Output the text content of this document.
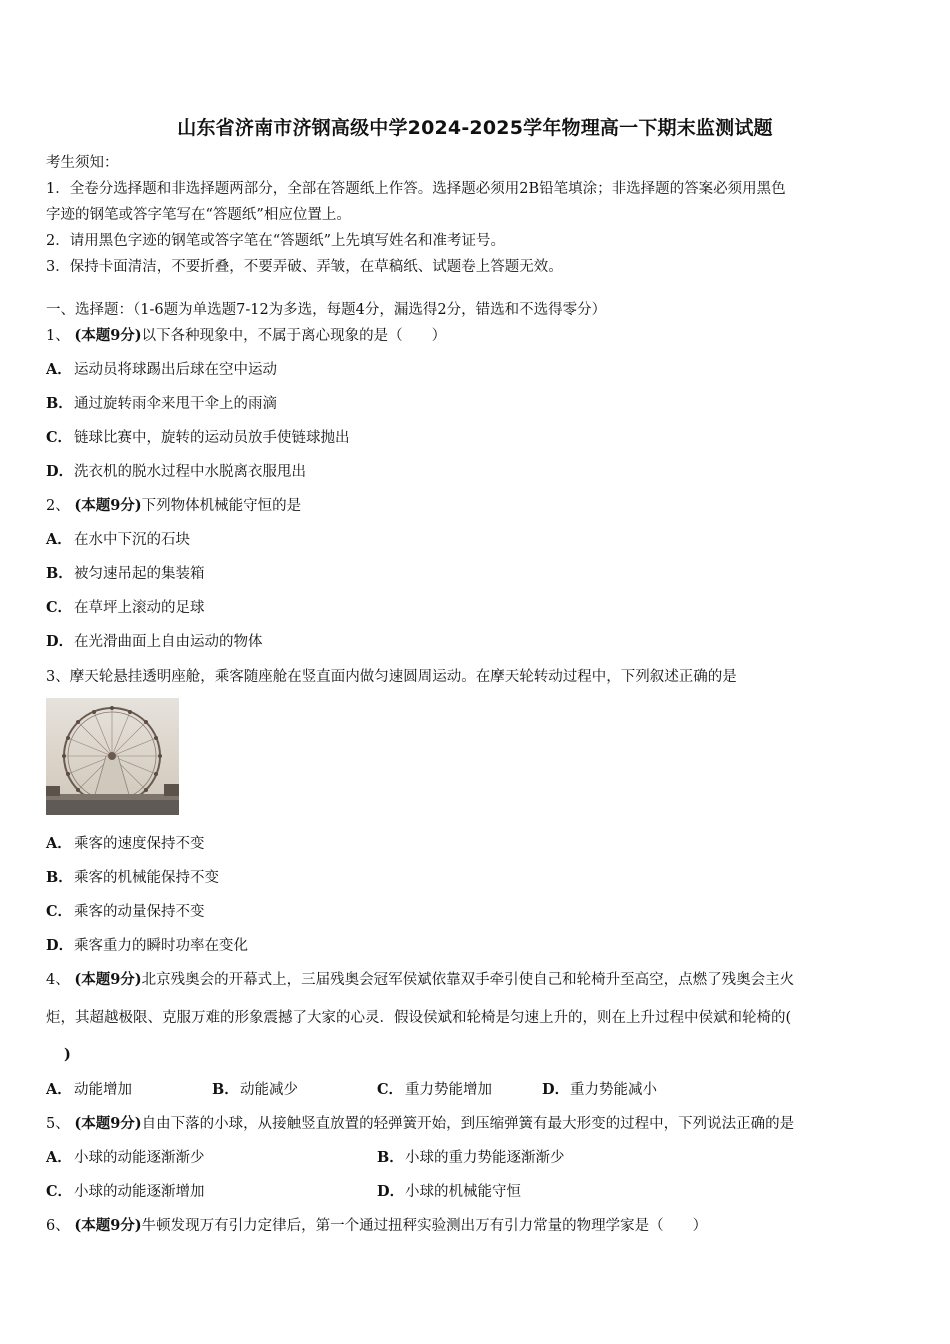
山东省济南市济钢高级中学2024-2025学年物理高一下期末监测试题
考生须知：
1．全卷分选择题和非选择题两部分，全部在答题纸上作答。选择题必须用2B铅笔填涂；非选择题的答案必须用黑色
字迹的钢笔或答字笔写在“答题纸”相应位置上。
2．请用黑色字迹的钢笔或答字笔在“答题纸”上先填写姓名和准考证号。
3．保持卡面清洁，不要折叠，不要弄破、弄皱，在草稿纸、试题卷上答题无效。
一、选择题：（1-6题为单选题7-12为多选，每题4分，漏选得2分，错选和不选得零分）
1、 (本题9分)以下各种现象中，不属于离心现象的是（　　）
A． 运动员将球踢出后球在空中运动
B．通过旋转雨伞来甩干伞上的雨滴
C． 链球比赛中，旋转的运动员放手使链球抛出
D．洗衣机的脱水过程中水脱离衣服甩出
2、 (本题9分)下列物体机械能守恒的是
A． 在水中下沉的石块
B．被匀速吊起的集装箱
C． 在草坪上滚动的足球
D．在光滑曲面上自由运动的物体
3、摩天轮悬挂透明座舱，乘客随座舱在竖直面内做匀速圆周运动。在摩天轮转动过程中，下列叙述正确的是
A． 乘客的速度保持不变
B．乘客的机械能保持不变
C． 乘客的动量保持不变
D．乘客重力的瞬时功率在变化
4、 (本题9分)北京残奥会的开幕式上，三届残奥会冠军侯斌依靠双手牵引使自己和轮椅升至高空，点燃了残奥会主火
炬，其超越极限、克服万难的形象震撼了大家的心灵．假设侯斌和轮椅是匀速上升的，则在上升过程中侯斌和轮椅的(
)
A． 动能增加	B．动能减少	C． 重力势能增加	D．重力势能减小
5、 (本题9分)自由下落的小球，从接触竖直放置的轻弹簧开始，到压缩弹簧有最大形变的过程中，下列说法正确的是
A． 小球的动能逐渐渐少	B．小球的重力势能逐渐渐少
C． 小球的动能逐渐增加	D．小球的机械能守恒
6、 (本题9分)牛顿发现万有引力定律后，第一个通过扭秤实验测出万有引力常量的物理学家是（　　）
